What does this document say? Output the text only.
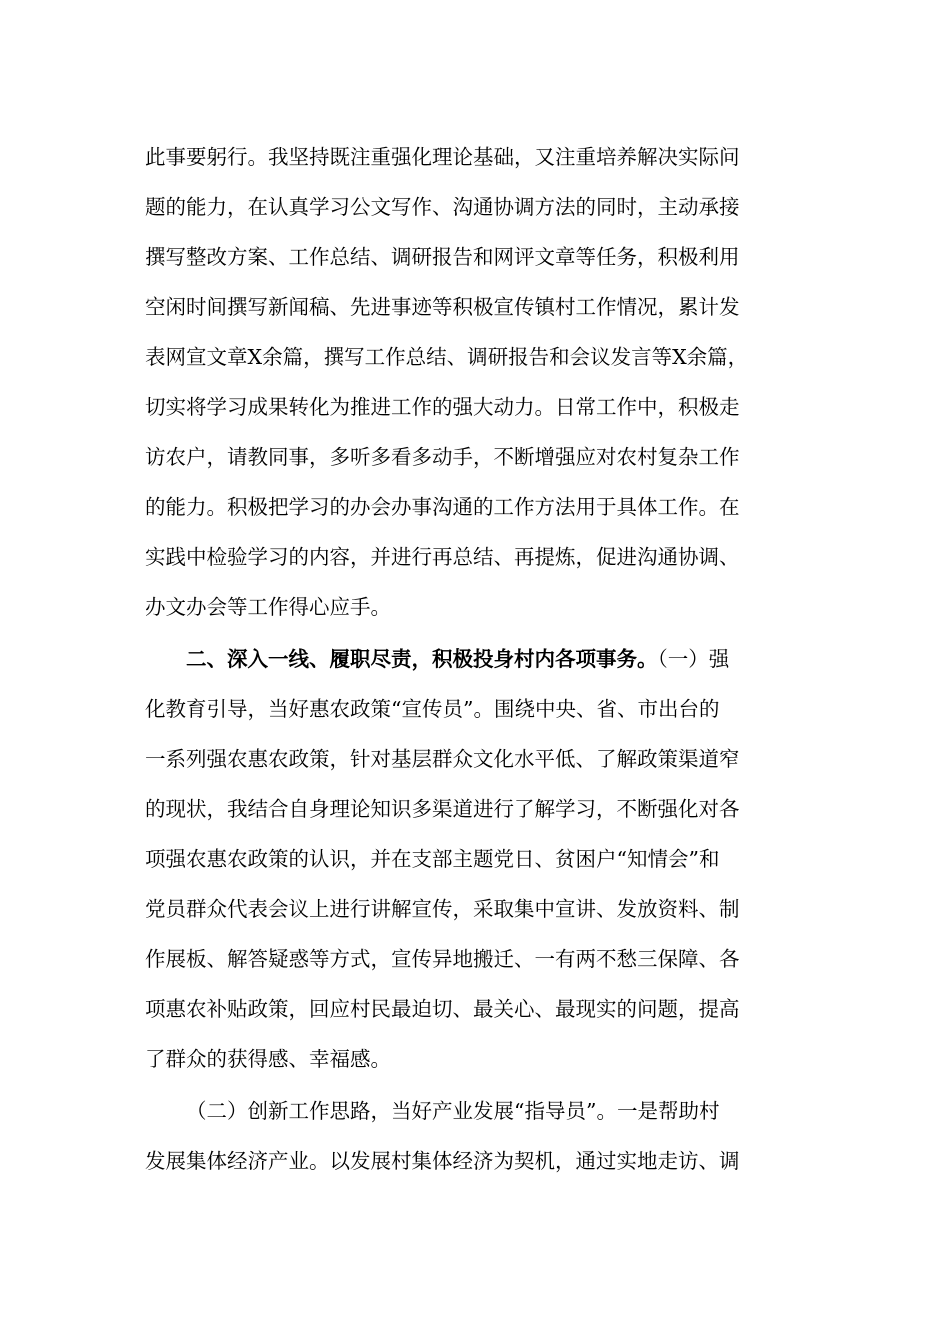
此事要躬行。我坚持既注重强化理论基础，又注重培养解决实际问
题的能力，在认真学习公文写作、沟通协调方法的同时，主动承接
撰写整改方案、工作总结、调研报告和网评文章等任务，积极利用
空闲时间撰写新闻稿、先进事迹等积极宣传镇村工作情况，累计发
表网宣文章X余篇，撰写工作总结、调研报告和会议发言等X余篇，
切实将学习成果转化为推进工作的强大动力。日常工作中，积极走
访农户，请教同事，多听多看多动手，不断增强应对农村复杂工作
的能力。积极把学习的办会办事沟通的工作方法用于具体工作。在
实践中检验学习的内容，并进行再总结、再提炼，促进沟通协调、
办文办会等工作得心应手。
二、深入一线、履职尽责，积极投身村内各项事务。（一）强
化教育引导，当好惠农政策“宣传员”。围绕中央、省、市出台的
一系列强农惠农政策，针对基层群众文化水平低、了解政策渠道窄
的现状，我结合自身理论知识多渠道进行了解学习，不断强化对各
项强农惠农政策的认识，并在支部主题党日、贫困户“知情会”和
党员群众代表会议上进行讲解宣传，采取集中宣讲、发放资料、制
作展板、解答疑惑等方式，宣传异地搬迁、一有两不愁三保障、各
项惠农补贴政策，回应村民最迫切、最关心、最现实的问题，提高
了群众的获得感、幸福感。
（二）创新工作思路，当好产业发展“指导员”。一是帮助村
发展集体经济产业。以发展村集体经济为契机，通过实地走访、调
